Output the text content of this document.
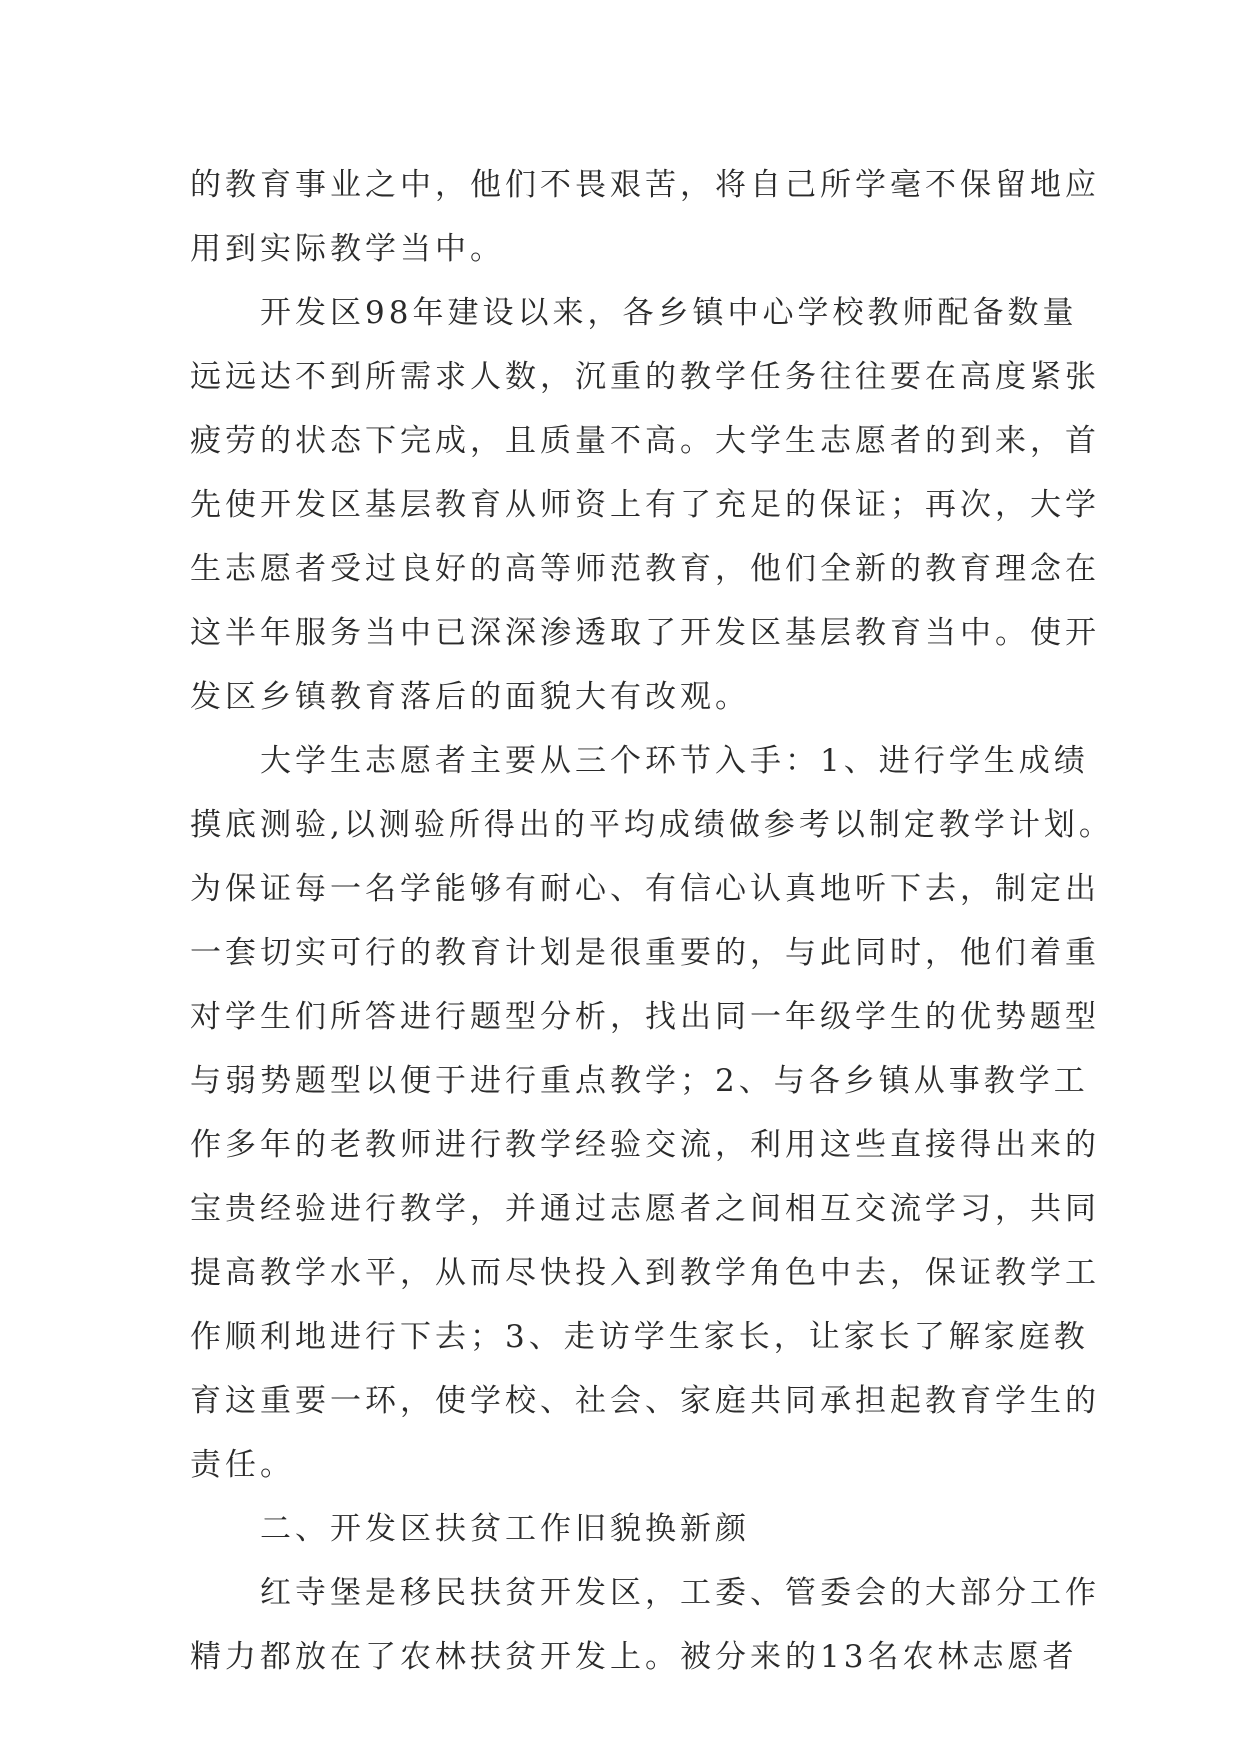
的教育事业之中，他们不畏艰苦，将自己所学毫不保留地应
用到实际教学当中。
开发区98年建设以来，各乡镇中心学校教师配备数量
远远达不到所需求人数，沉重的教学任务往往要在高度紧张
疲劳的状态下完成，且质量不高。大学生志愿者的到来，首
先使开发区基层教育从师资上有了充足的保证；再次，大学
生志愿者受过良好的高等师范教育，他们全新的教育理念在
这半年服务当中已深深渗透取了开发区基层教育当中。使开
发区乡镇教育落后的面貌大有改观。
大学生志愿者主要从三个环节入手：1、进行学生成绩
摸底测验,以测验所得出的平均成绩做参考以制定教学计划。
为保证每一名学能够有耐心、有信心认真地听下去，制定出
一套切实可行的教育计划是很重要的，与此同时，他们着重
对学生们所答进行题型分析，找出同一年级学生的优势题型
与弱势题型以便于进行重点教学；2、与各乡镇从事教学工
作多年的老教师进行教学经验交流，利用这些直接得出来的
宝贵经验进行教学，并通过志愿者之间相互交流学习，共同
提高教学水平，从而尽快投入到教学角色中去，保证教学工
作顺利地进行下去；3、走访学生家长，让家长了解家庭教
育这重要一环，使学校、社会、家庭共同承担起教育学生的
责任。
二、开发区扶贫工作旧貌换新颜
红寺堡是移民扶贫开发区，工委、管委会的大部分工作
精力都放在了农林扶贫开发上。被分来的13名农林志愿者
